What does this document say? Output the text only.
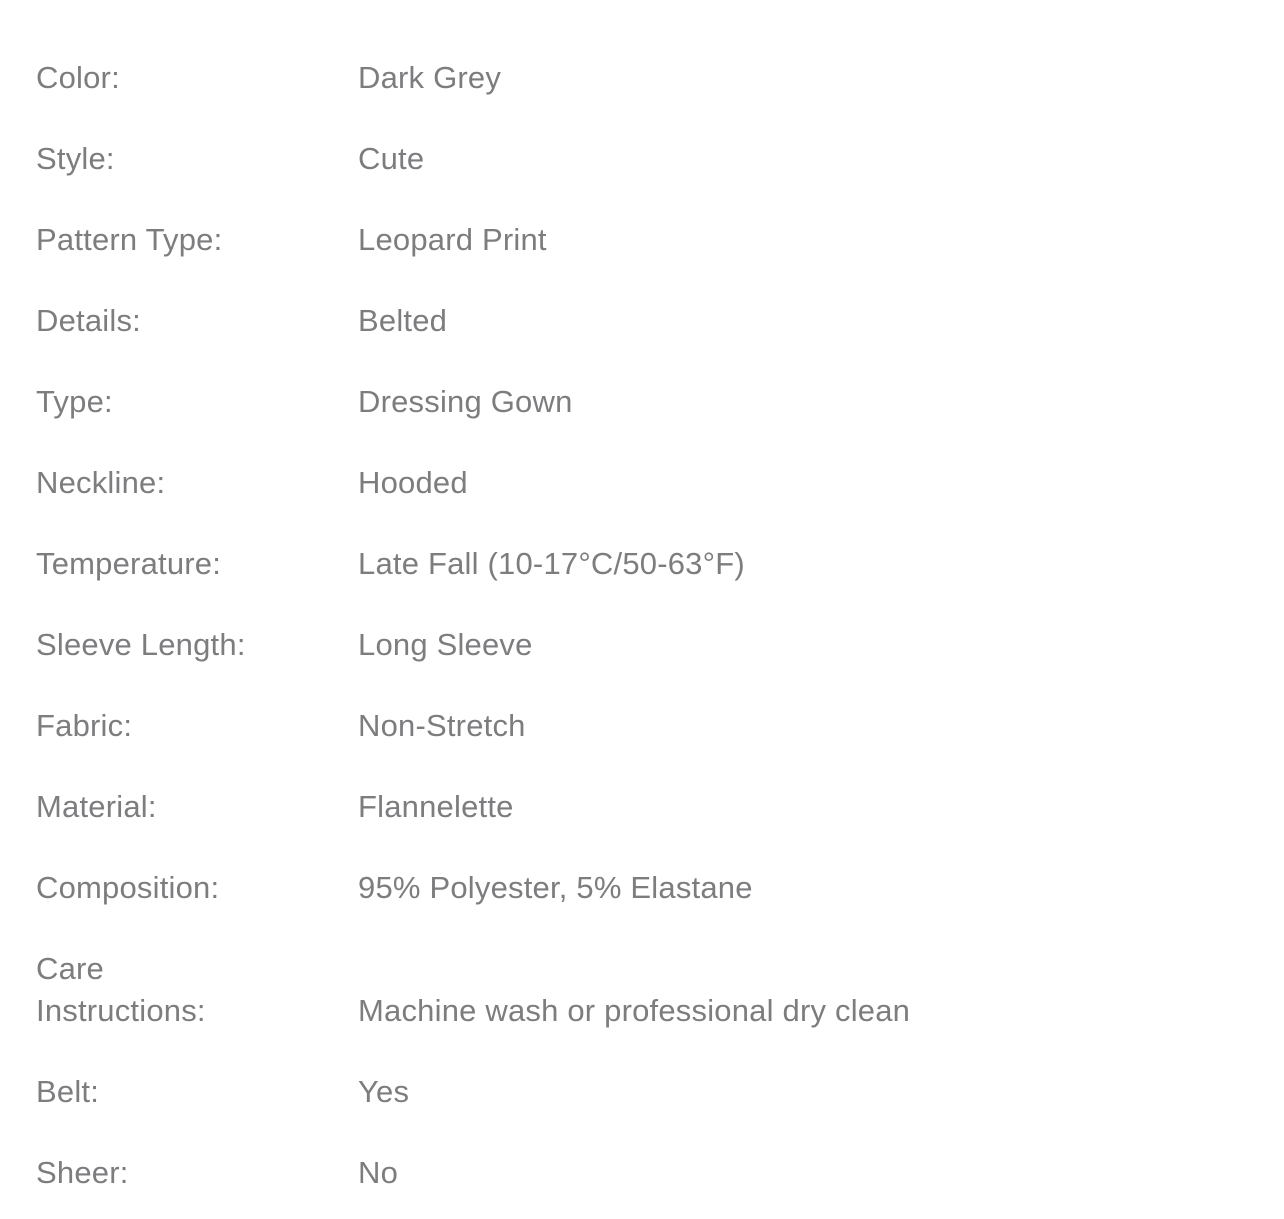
Color:	Dark Grey
Style:	Cute
Pattern Type:	Leopard Print
Details:	Belted
Type:	Dressing Gown
Neckline:	Hooded
Temperature:	Late Fall (10-17°C/50-63°F)
Sleeve Length:	Long Sleeve
Fabric:	Non-Stretch
Material:	Flannelette
Composition:	95% Polyester, 5% Elastane
Care Instructions:	Machine wash or professional dry clean
Belt:	Yes
Sheer:	No
